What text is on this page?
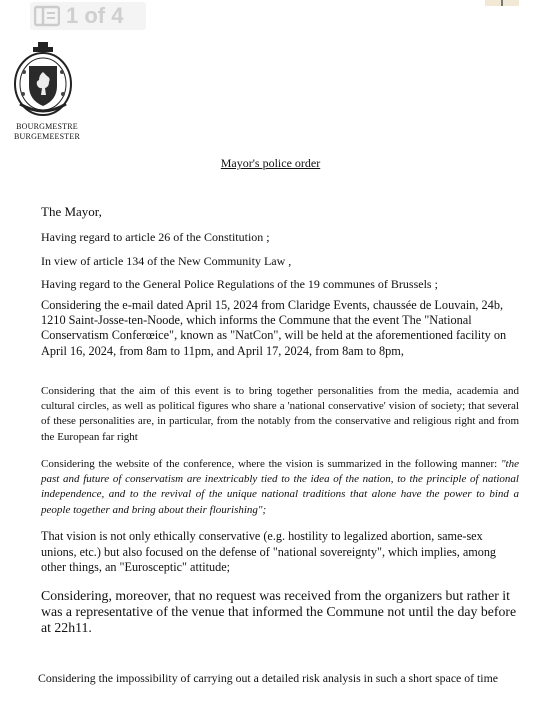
1 of 4
BOURGMESTRE
BURGEMEESTER
Mayor's police order

The Mayor,

Having regard to article 26 of the Constitution ;

In view of article 134 of the New Community Law ,

Having regard to the General Police Regulations of the 19 communes of Brussels ;

Considering the e-mail dated April 15, 2024 from Claridge Events, chaussée de Louvain, 24b, 1210 Saint-Josse-ten-Noode, which informs the Commune that the event The "National Conservatism Conferœice", known as "NatCon", will be held at the aforementioned facility on April 16, 2024, from 8am to 11pm, and April 17, 2024, from 8am to 8pm,

Considering that the aim of this event is to bring together personalities from the media, academia and cultural circles, as well as political figures who share a 'national conservative' vision of society; that several of these personalities are, in particular, from the notably from the conservative and religious right and from the European far right

Considering the website of the conference, where the vision is summarized in the following manner: "the past and future of conservatism are inextricably tied to the idea of the nation, to the principle of national independence, and to the revival of the unique national traditions that alone have the power to bind a people together and bring about their flourishing";

That vision is not only ethically conservative (e.g. hostility to legalized abortion, same-sex unions, etc.) but also focused on the defense of "national sovereignty", which implies, among other things, an "Eurosceptic" attitude;

Considering, moreover, that no request was received from the organizers but rather it was a representative of the venue that informed the Commune not until the day before at 22h11.

Considering the impossibility of carrying out a detailed risk analysis in such a short space of time
